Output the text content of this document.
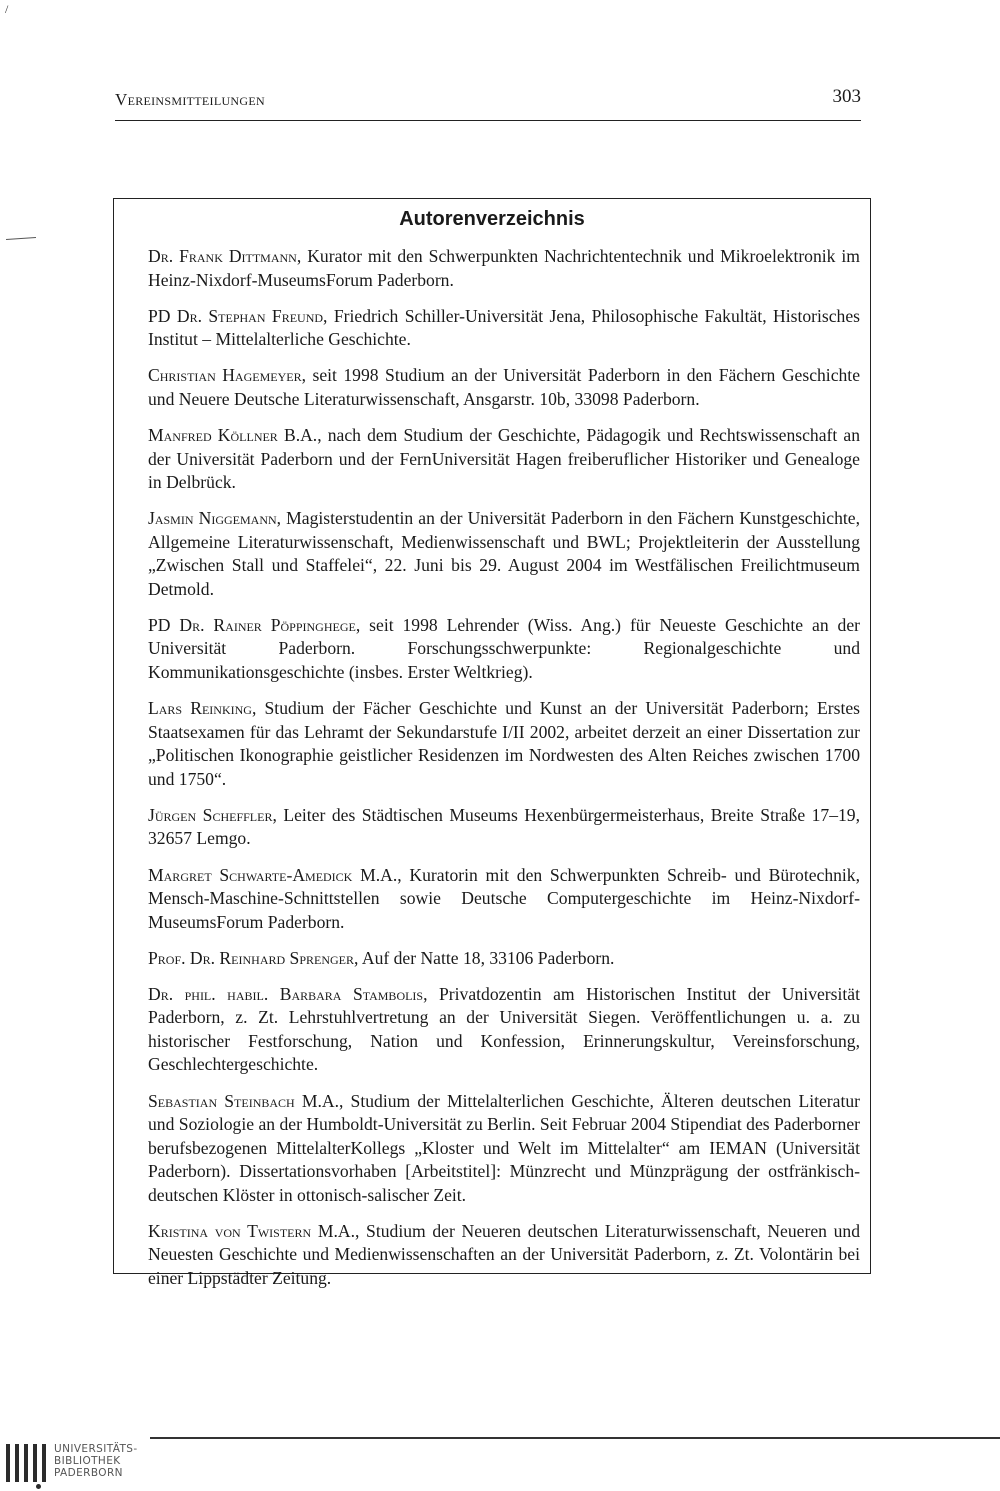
/
Vereinsmitteilungen	303
Autorenverzeichnis

Dr. Frank Dittmann, Kurator mit den Schwerpunkten Nachrichtentechnik und Mikroelektronik im Heinz-Nixdorf-MuseumsForum Paderborn.

PD Dr. Stephan Freund, Friedrich Schiller-Universität Jena, Philosophische Fakultät, Historisches Institut – Mittelalterliche Geschichte.

Christian Hagemeyer, seit 1998 Studium an der Universität Paderborn in den Fächern Geschichte und Neuere Deutsche Literaturwissenschaft, Ansgarstr. 10b, 33098 Paderborn.

Manfred Köllner B.A., nach dem Studium der Geschichte, Pädagogik und Rechtswissenschaft an der Universität Paderborn und der FernUniversität Hagen freiberuflicher Historiker und Genealoge in Delbrück.

Jasmin Niggemann, Magisterstudentin an der Universität Paderborn in den Fächern Kunstgeschichte, Allgemeine Literaturwissenschaft, Medienwissenschaft und BWL; Projektleiterin der Ausstellung „Zwischen Stall und Staffelei“, 22. Juni bis 29. August 2004 im Westfälischen Freilichtmuseum Detmold.

PD Dr. Rainer Pöppinghege, seit 1998 Lehrender (Wiss. Ang.) für Neueste Geschichte an der Universität Paderborn. Forschungsschwerpunkte: Regionalgeschichte und Kommunikationsgeschichte (insbes. Erster Weltkrieg).

Lars Reinking, Studium der Fächer Geschichte und Kunst an der Universität Paderborn; Erstes Staatsexamen für das Lehramt der Sekundarstufe I/II 2002, arbeitet derzeit an einer Dissertation zur „Politischen Ikonographie geistlicher Residenzen im Nordwesten des Alten Reiches zwischen 1700 und 1750“.

Jürgen Scheffler, Leiter des Städtischen Museums Hexenbürgermeisterhaus, Breite Straße 17–19, 32657 Lemgo.

Margret Schwarte-Amedick M.A., Kuratorin mit den Schwerpunkten Schreib- und Bürotechnik, Mensch-Maschine-Schnittstellen sowie Deutsche Computergeschichte im Heinz-Nixdorf-MuseumsForum Paderborn.

Prof. Dr. Reinhard Sprenger, Auf der Natte 18, 33106 Paderborn.

Dr. phil. habil. Barbara Stambolis, Privatdozentin am Historischen Institut der Universität Paderborn, z. Zt. Lehrstuhlvertretung an der Universität Siegen. Veröffentlichungen u. a. zu historischer Festforschung, Nation und Konfession, Erinnerungskultur, Vereinsforschung, Geschlechtergeschichte.

Sebastian Steinbach M.A., Studium der Mittelalterlichen Geschichte, Älteren deutschen Literatur und Soziologie an der Humboldt-Universität zu Berlin. Seit Februar 2004 Stipendiat des Paderborner berufsbezogenen MittelalterKollegs „Kloster und Welt im Mittelalter“ am IEMAN (Universität Paderborn). Dissertationsvorhaben [Arbeitstitel]: Münzrecht und Münzprägung der ostfränkisch-deutschen Klöster in ottonisch-salischer Zeit.

Kristina von Twistern M.A., Studium der Neueren deutschen Literaturwissenschaft, Neueren und Neuesten Geschichte und Medienwissenschaften an der Universität Paderborn, z. Zt. Volontärin bei einer Lippstädter Zeitung.

UNIVERSITÄTS-
BIBLIOTHEK
PADERBORN
